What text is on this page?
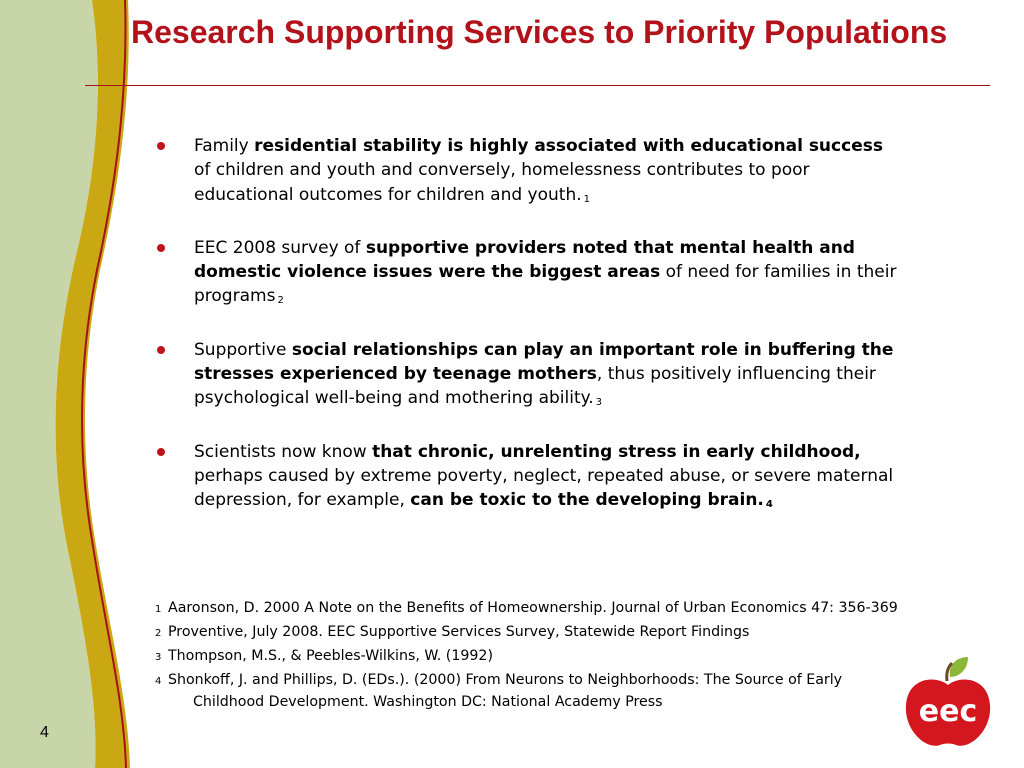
Research Supporting Services to Priority Populations
Family residential stability is highly associated with educational success of children and youth and conversely, homelessness contributes to poor educational outcomes for children and youth. $^1$
EEC 2008 survey of supportive providers noted that mental health and domestic violence issues were the biggest areas of need for families in their programs $^2$
Supportive social relationships can play an important role in buffering the stresses experienced by teenage mothers, thus positively influencing their psychological well-being and mothering ability. $^3$
Scientists now know that chronic, unrelenting stress in early childhood, perhaps caused by extreme poverty, neglect, repeated abuse, or severe maternal depression, for example, can be toxic to the developing brain. $^4$
1 Aaronson, D. 2000 A Note on the Benefits of Homeownership. Journal of Urban Economics 47: 356-369
2 Proventive, July 2008. EEC Supportive Services Survey, Statewide Report Findings
3 Thompson, M.S., & Peebles-Wilkins, W. (1992)
4 Shonkoff, J. and Phillips, D. (EDs.). (2000) From Neurons to Neighborhoods: The Source of Early Childhood Development. Washington DC: National Academy Press
4
eec
